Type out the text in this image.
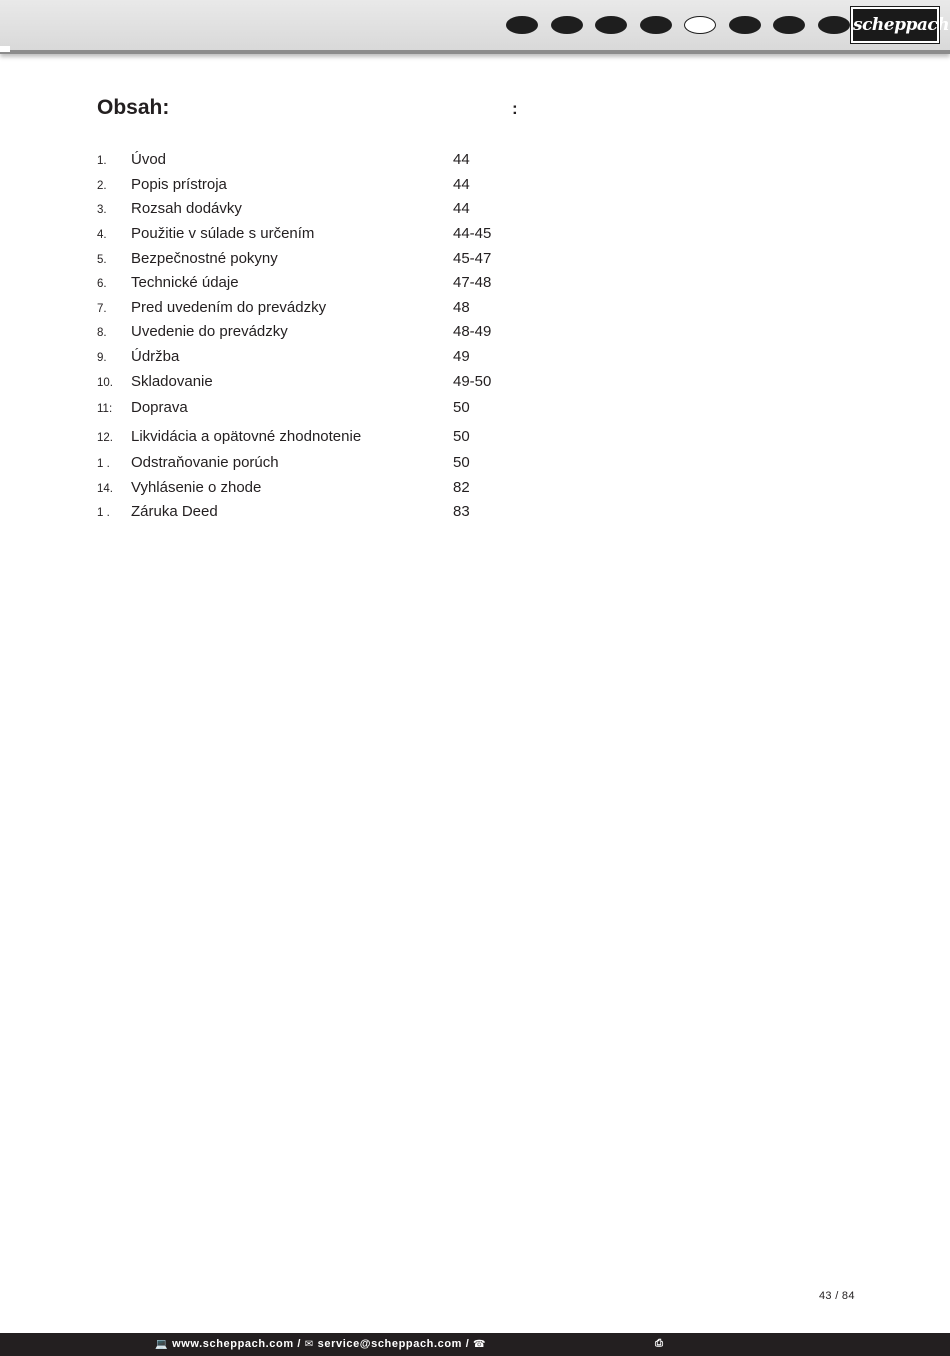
scheppach
Obsah:	:
1. Úvod	44
2. Popis prístroja	44
3. Rozsah dodávky	44
4. Použitie v súlade s určením	44-45
5. Bezpečnostné pokyny	45-47
6. Technické údaje	47-48
7. Pred uvedením do prevádzky	48
8. Uvedenie do prevádzky	48-49
9. Údržba	49
10. Skladovanie	49-50
11: Doprava	50
12. Likvidácia a opätovné zhodnotenie	50
1 . Odstraňovanie porúch	50
14. Vyhlásenie o zhode	82
1 . Záruka Deed	83
43 / 84
💻 www.scheppach.com / ✉ service@scheppach.com / ☎	⎙
